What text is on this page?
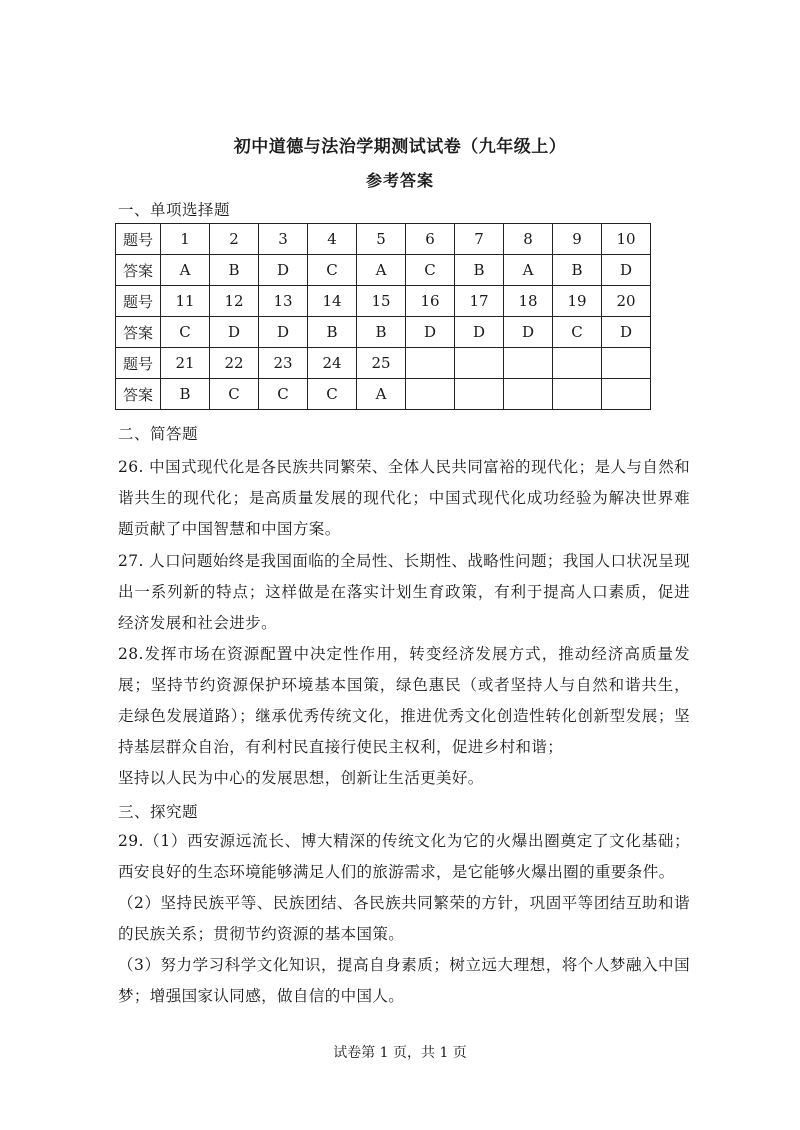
初中道德与法治学期测试试卷（九年级上）
参考答案
一、单项选择题
题号	1	2	3	4	5	6	7	8	9	10
答案	A	B	D	C	A	C	B	A	B	D
题号	11	12	13	14	15	16	17	18	19	20
答案	C	D	D	B	B	D	D	D	C	D
题号	21	22	23	24	25					
答案	B	C	C	C	A					
二、简答题
26. 中国式现代化是各民族共同繁荣、全体人民共同富裕的现代化；是人与自然和谐共生的现代化；是高质量发展的现代化；中国式现代化成功经验为解决世界难题贡献了中国智慧和中国方案。
27. 人口问题始终是我国面临的全局性、长期性、战略性问题；我国人口状况呈现出一系列新的特点；这样做是在落实计划生育政策，有利于提高人口素质，促进经济发展和社会进步。
28.发挥市场在资源配置中决定性作用，转变经济发展方式，推动经济高质量发展；坚持节约资源保护环境基本国策，绿色惠民（或者坚持人与自然和谐共生，走绿色发展道路）；继承优秀传统文化，推进优秀文化创造性转化创新型发展；坚持基层群众自治，有利村民直接行使民主权利，促进乡村和谐；
坚持以人民为中心的发展思想，创新让生活更美好。
三、探究题
29.（1）西安源远流长、博大精深的传统文化为它的火爆出圈奠定了文化基础；西安良好的生态环境能够满足人们的旅游需求，是它能够火爆出圈的重要条件。
（2）坚持民族平等、民族团结、各民族共同繁荣的方针，巩固平等团结互助和谐的民族关系；贯彻节约资源的基本国策。
（3）努力学习科学文化知识，提高自身素质；树立远大理想，将个人梦融入中国梦；增强国家认同感，做自信的中国人。
试卷第 1 页，共 1 页
